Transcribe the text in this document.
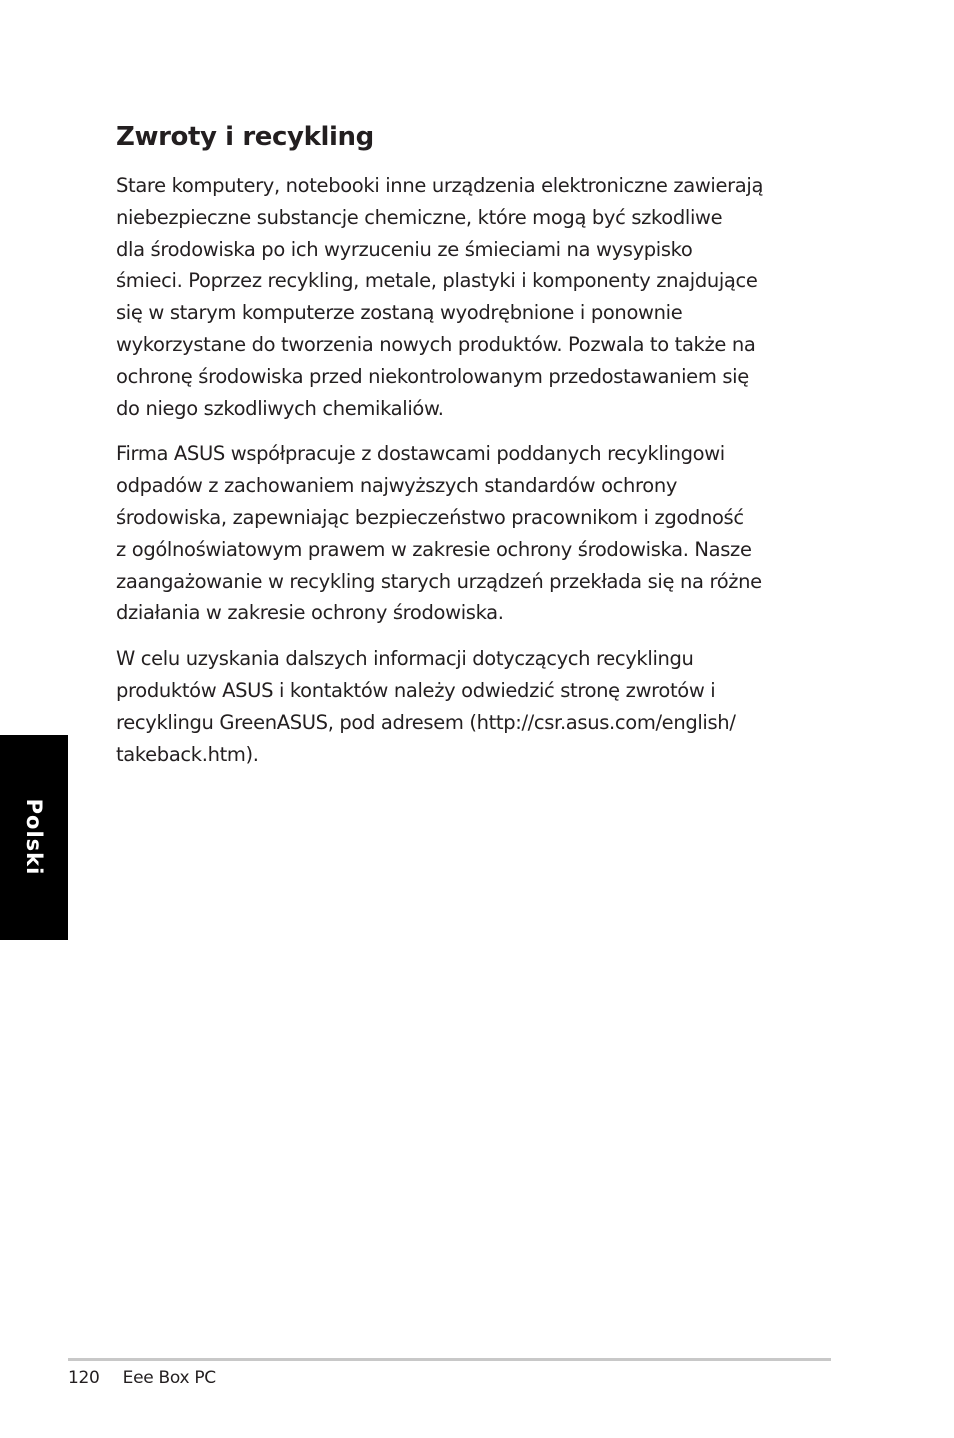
Zwroty i recykling

Stare komputery, notebooki inne urządzenia elektroniczne zawierają
niebezpieczne substancje chemiczne, które mogą być szkodliwe
dla środowiska po ich wyrzuceniu ze śmieciami na wysypisko
śmieci. Poprzez recykling, metale, plastyki i komponenty znajdujące
się w starym komputerze zostaną wyodrębnione i ponownie
wykorzystane do tworzenia nowych produktów. Pozwala to także na
ochronę środowiska przed niekontrolowanym przedostawaniem się
do niego szkodliwych chemikaliów.

Firma ASUS współpracuje z dostawcami poddanych recyklingowi
odpadów z zachowaniem najwyższych standardów ochrony
środowiska, zapewniając bezpieczeństwo pracownikom i zgodność
z ogólnoświatowym prawem w zakresie ochrony środowiska. Nasze
zaangażowanie w recykling starych urządzeń przekłada się na różne
działania w zakresie ochrony środowiska.

W celu uzyskania dalszych informacji dotyczących recyklingu
produktów ASUS i kontaktów należy odwiedzić stronę zwrotów i
recyklingu GreenASUS, pod adresem (http://csr.asus.com/english/
takeback.htm).

Polski
120 Eee Box PC
